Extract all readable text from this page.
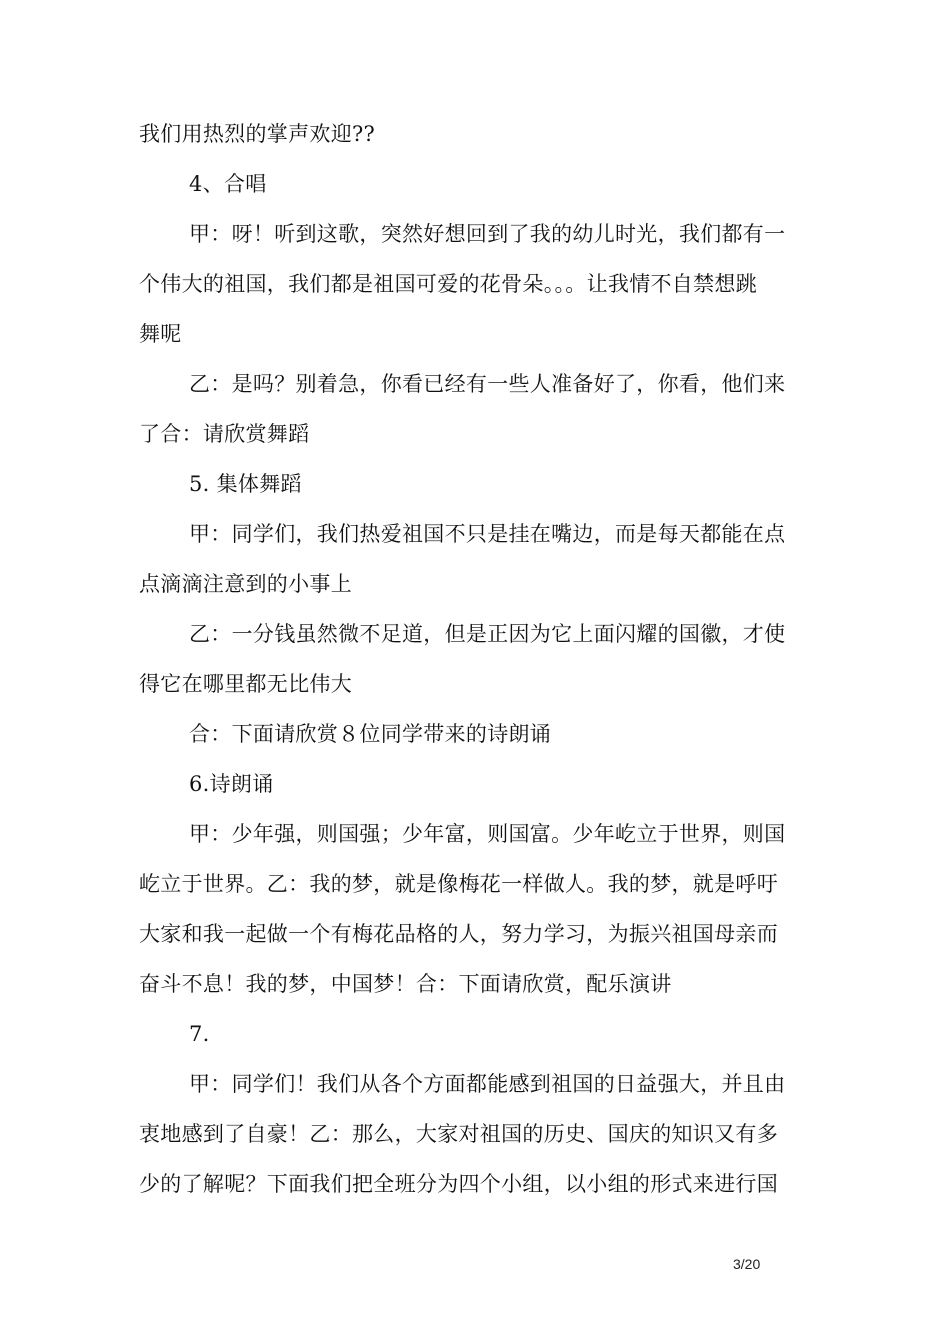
我们用热烈的掌声欢迎??
4、合唱
甲：呀！听到这歌，突然好想回到了我的幼儿时光，我们都有一
个伟大的祖国，我们都是祖国可爱的花骨朵。。。让我情不自禁想跳
舞呢
乙：是吗？别着急，你看已经有一些人准备好了，你看，他们来
了合：请欣赏舞蹈
5. 集体舞蹈
甲：同学们，我们热爱祖国不只是挂在嘴边，而是每天都能在点
点滴滴注意到的小事上
乙：一分钱虽然微不足道，但是正因为它上面闪耀的国徽，才使
得它在哪里都无比伟大
合：下面请欣赏８位同学带来的诗朗诵
6.诗朗诵
甲：少年强，则国强；少年富，则国富。少年屹立于世界，则国
屹立于世界。乙：我的梦，就是像梅花一样做人。我的梦，就是呼吁
大家和我一起做一个有梅花品格的人，努力学习，为振兴祖国母亲而
奋斗不息！我的梦，中国梦！合：下面请欣赏，配乐演讲
7.
甲：同学们！我们从各个方面都能感到祖国的日益强大，并且由
衷地感到了自豪！乙：那么，大家对祖国的历史、国庆的知识又有多
少的了解呢？下面我们把全班分为四个小组，以小组的形式来进行国
3/20
